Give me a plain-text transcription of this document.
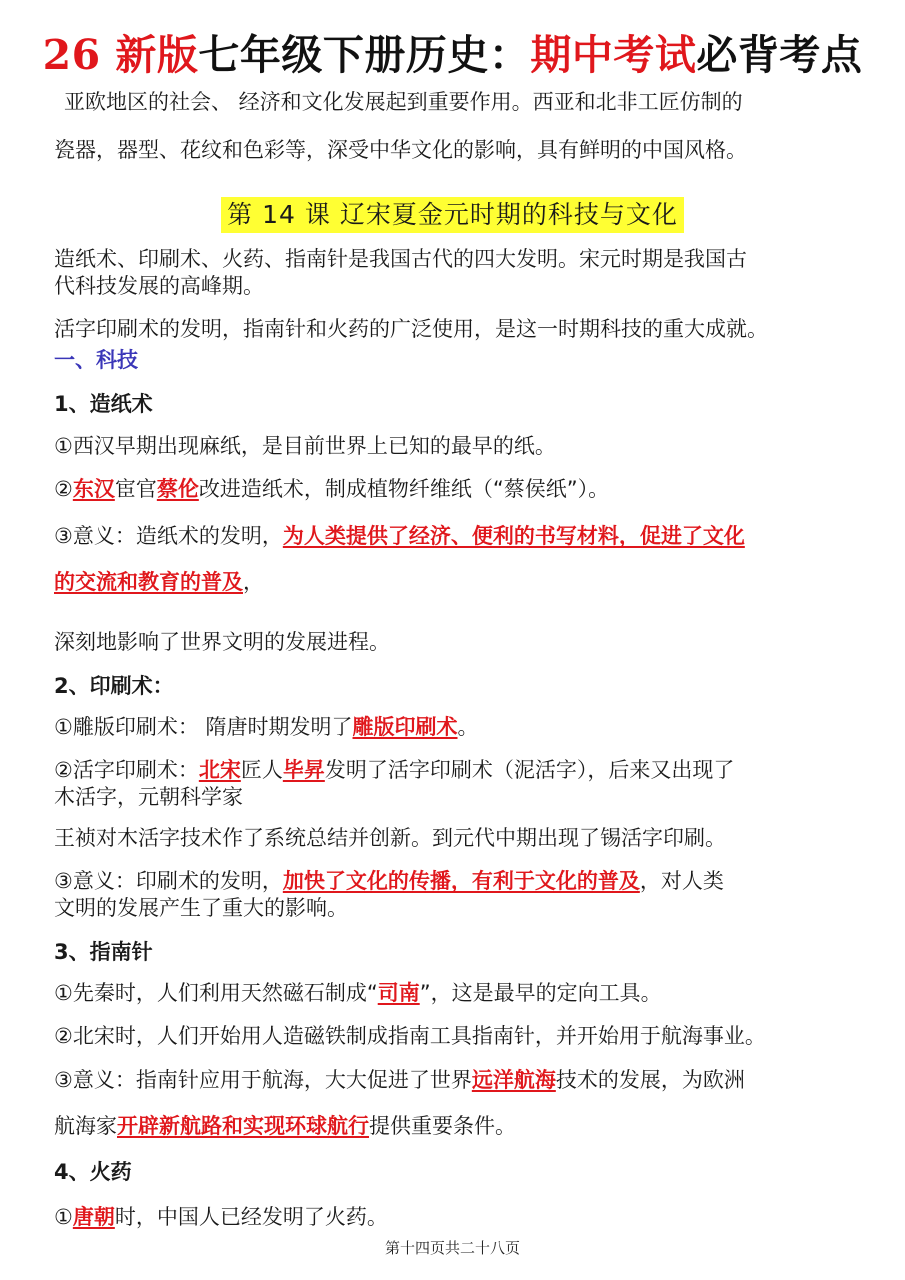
26 新版七年级下册历史：期中考试必背考点
亚欧地区的社会、 经济和文化发展起到重要作用。西亚和北非工匠仿制的
瓷器，器型、花纹和色彩等，深受中华文化的影响，具有鲜明的中国风格。
第 14 课 辽宋夏金元时期的科技与文化
造纸术、印刷术、火药、指南针是我国古代的四大发明。宋元时期是我国古
代科技发展的高峰期。
活字印刷术的发明，指南针和火药的广泛使用，是这一时期科技的重大成就。
一、科技
1、造纸术
①西汉早期出现麻纸，是目前世界上已知的最早的纸。
②东汉宦官蔡伦改进造纸术，制成植物纤维纸（“蔡侯纸”）。
③意义：造纸术的发明，为人类提供了经济、便利的书写材料，促进了文化
的交流和教育的普及，
深刻地影响了世界文明的发展进程。
2、印刷术：
①雕版印刷术： 隋唐时期发明了雕版印刷术。
②活字印刷术：北宋匠人毕昇发明了活字印刷术（泥活字），后来又出现了
木活字，元朝科学家
王祯对木活字技术作了系统总结并创新。到元代中期出现了锡活字印刷。
③意义：印刷术的发明，加快了文化的传播，有利于文化的普及，对人类
文明的发展产生了重大的影响。
3、指南针
①先秦时，人们利用天然磁石制成“司南”，这是最早的定向工具。
②北宋时，人们开始用人造磁铁制成指南工具指南针，并开始用于航海事业。
③意义：指南针应用于航海，大大促进了世界远洋航海技术的发展，为欧洲
航海家开辟新航路和实现环球航行提供重要条件。
4、火药
①唐朝时，中国人已经发明了火药。
第十四页共二十八页
